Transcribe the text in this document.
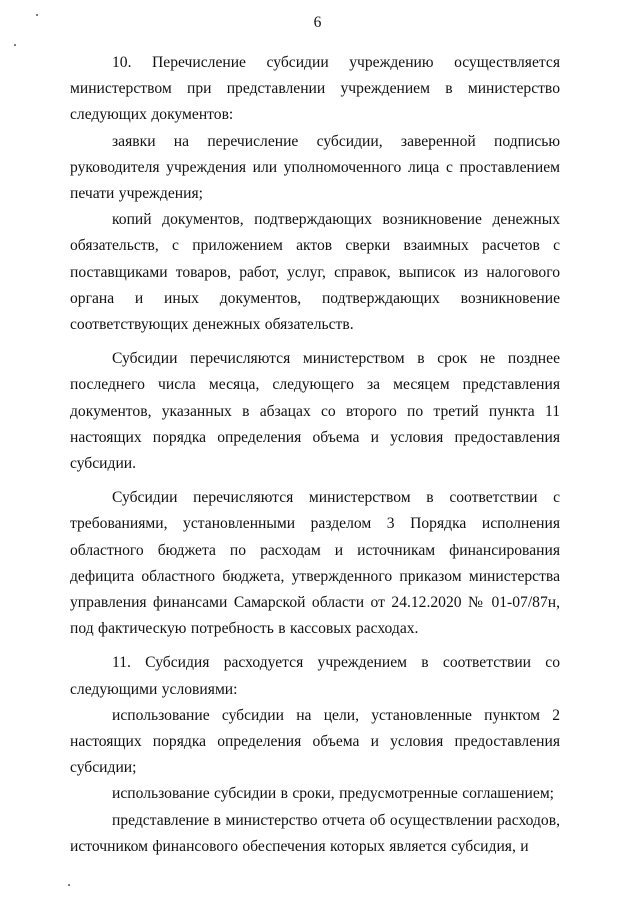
6

10. Перечисление субсидии учреждению осуществляется министерством при представлении учреждением в министерство следующих документов:

заявки на перечисление субсидии, заверенной подписью руководителя учреждения или уполномоченного лица с проставлением печати учреждения;

копий документов, подтверждающих возникновение денежных обязательств, с приложением актов сверки взаимных расчетов с поставщиками товаров, работ, услуг, справок, выписок из налогового органа и иных документов, подтверждающих возникновение соответствующих денежных обязательств.

Субсидии перечисляются министерством в срок не позднее последнего числа месяца, следующего за месяцем представления документов, указанных в абзацах со второго по третий пункта 11 настоящих порядка определения объема и условия предоставления субсидии.

Субсидии перечисляются министерством в соответствии с требованиями, установленными разделом 3 Порядка исполнения областного бюджета по расходам и источникам финансирования дефицита областного бюджета, утвержденного приказом министерства управления финансами Самарской области от 24.12.2020 № 01-07/87н, под фактическую потребность в кассовых расходах.

11. Субсидия расходуется учреждением в соответствии со следующими условиями:

использование субсидии на цели, установленные пунктом 2 настоящих порядка определения объема и условия предоставления субсидии;

использование субсидии в сроки, предусмотренные соглашением;

представление в министерство отчета об осуществлении расходов, источником финансового обеспечения которых является субсидия, и
